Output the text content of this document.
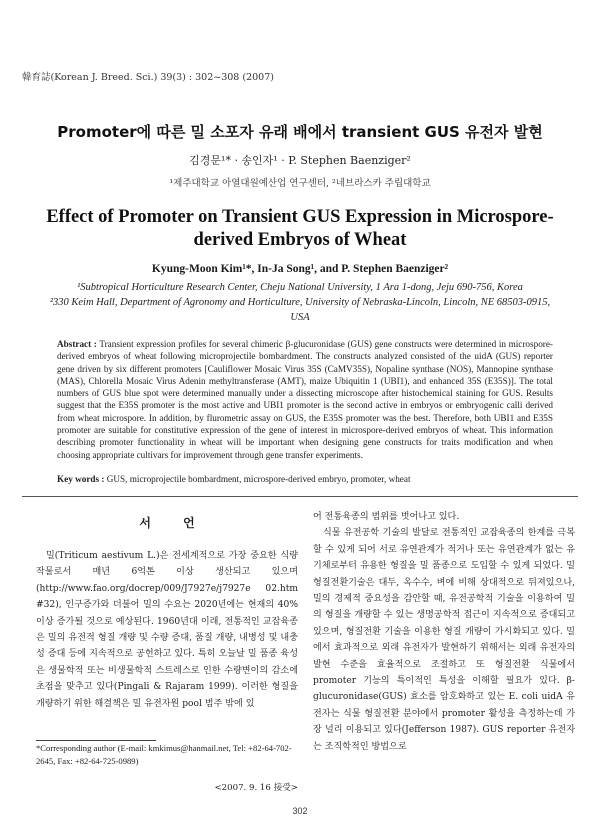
韓育誌(Korean J. Breed. Sci.) 39(3) : 302~308 (2007)
Promoter에 따른 밀 소포자 유래 배에서 transient GUS 유전자 발현
김경문¹* · 송인자¹ · P. Stephen Baenziger²
¹제주대학교 아열대원예산업 연구센터, ²네브라스카 주립대학교
Effect of Promoter on Transient GUS Expression in Microspore-derived Embryos of Wheat
Kyung-Moon Kim¹*, In-Ja Song¹, and P. Stephen Baenziger²
¹Subtropical Horticulture Research Center, Cheju National University, 1 Ara 1-dong, Jeju 690-756, Korea
²330 Keim Hall, Department of Agronomy and Horticulture, University of Nebraska-Lincoln, Lincoln, NE 68503-0915, USA
Abstract : Transient expression profiles for several chimeric β-glucuronidase (GUS) gene constructs were determined in microspore-derived embryos of wheat following microprojectile bombardment. The constructs analyzed consisted of the uidA (GUS) reporter gene driven by six different promoters [Cauliflower Mosaic Virus 35S (CaMV35S), Nopaline synthase (NOS), Mannopine synthase (MAS), Chlorella Mosaic Virus Adenin methyltransferase (AMT), maize Ubiquitin 1 (UBI1), and enhanced 35S (E35S)]. The total numbers of GUS blue spot were determined manually under a dissecting microscope after histochemical staining for GUS. Results suggest that the E35S promoter is the most active and UBI1 promoter is the second active in embryos or embryogenic calli derived from wheat microspore. In addition, by flurometric assay on GUS, the E35S promoter was the best. Therefore, both UBI1 and E35S promoter are suitable for constitutive expression of the gene of interest in microspore-derived embryos of wheat. This information describing promoter functionality in wheat will be important when designing gene constructs for traits modification and when choosing appropriate cultivars for improvement through gene transfer experiments.
Key words : GUS, microprojectile bombardment, microspore-derived embryo, promoter, wheat
서 언

밀(Triticum aestivum L.)은 전세계적으로 가장 중요한 식량작물로서 매년 6억톤 이상 생산되고 있으며(http://www.fao.org/docrep/009/J7927e/j7927e 02.htm #32), 인구증가와 더불어 밀의 수요는 2020년에는 현재의 40%이상 증가될 것으로 예상된다. 1960년대 이래, 전통적인 교잡육종은 밀의 유전적 형질 개량 및 수량 증대, 품질 개량, 내병성 및 내충성 증대 등에 지속적으로 공헌하고 있다. 특히 오늘날 밀 품종 육성은 생물학적 또는 비생물학적 스트레스로 인한 수량변이의 감소에 초점을 맞추고 있다(Pingali & Rajaram 1999). 이러한 형질을 개량하기 위한 해결책은 밀 유전자원 pool 범주 밖에 있

어 전통육종의 범위를 벗어나고 있다.

식물 유전공학 기술의 발달로 전통적인 교잡육종의 한계를 극복할 수 있게 되어 서로 유연관계가 적거나 또는 유연관계가 없는 유기체로부터 유용한 형질을 밀 품종으로 도입할 수 있게 되었다. 밀 형질전환기술은 대두, 옥수수, 벼에 비해 상대적으로 뒤져있으나, 밀의 경제적 중요성을 감안할 때, 유전공학적 기술을 이용하여 밀의 형질을 개량할 수 있는 생명공학적 접근이 지속적으로 증대되고 있으며, 형질전환 기술을 이용한 형질 개량이 가시화되고 있다. 밀에서 효과적으로 외래 유전자가 발현하기 위해서는 외래 유전자의 발현 수준을 효율적으로 조절하고 또 형질전환 식물에서 promoter 기능의 특이적인 특성을 이해할 필요가 있다. β-glucuronidase(GUS) 효소를 암호화하고 있는 E. coli uidA 유전자는 식물 형질전환 분야에서 promoter 활성을 측정하는데 가장 널리 이용되고 있다(Jefferson 1987). GUS reporter 유전자는 조직학적인 방법으로

*Corresponding author (E-mail: kmkimus@hanmail.net, Tel: +82-64-702-2645, Fax: +82-64-725-0989)
<2007. 9. 16 接受>
302
